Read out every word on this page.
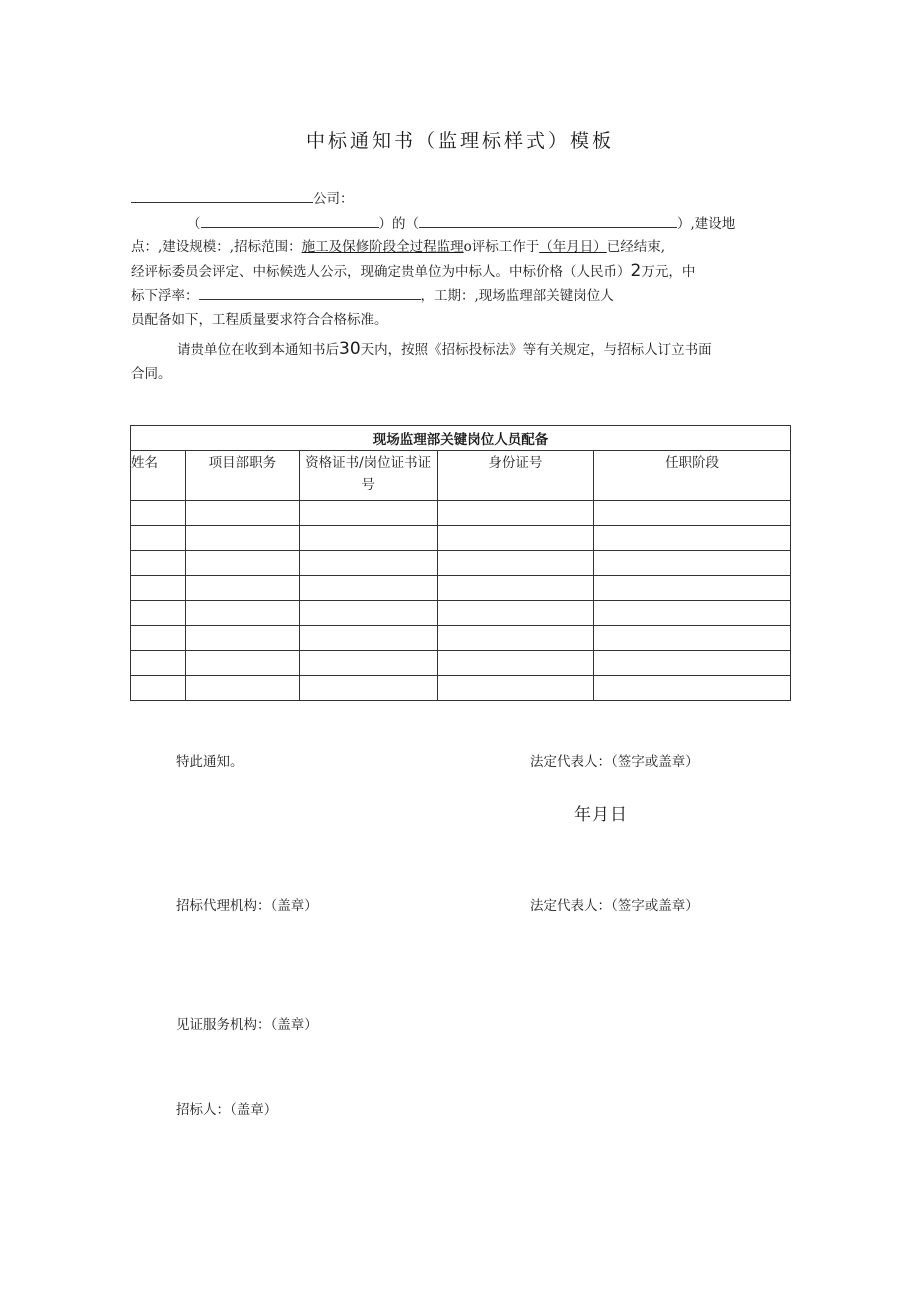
中标通知书（监理标样式）模板
公司：
（	）的（	）,建设地
点：,建设规模：,招标范围：施工及保修阶段全过程监理o评标工作于（年月日）已经结束,
经评标委员会评定、中标候选人公示，现确定贵单位为中标人。中标价格（人民币）2万元，中
标下浮率：	，工期：,现场监理部关键岗位人
员配备如下，工程质量要求符合合格标准。
请贵单位在收到本通知书后30天内，按照《招标投标法》等有关规定，与招标人订立书面
合同。
现场监理部关键岗位人员配备				
姓名	项目部职务	资格证书/岗位证书证号	身份证号	任职阶段

特此通知。	法定代表人：（签字或盖章）
年月日
招标代理机构：（盖章）	法定代表人：（签字或盖章）
见证服务机构：（盖章）
招标人：（盖章）
